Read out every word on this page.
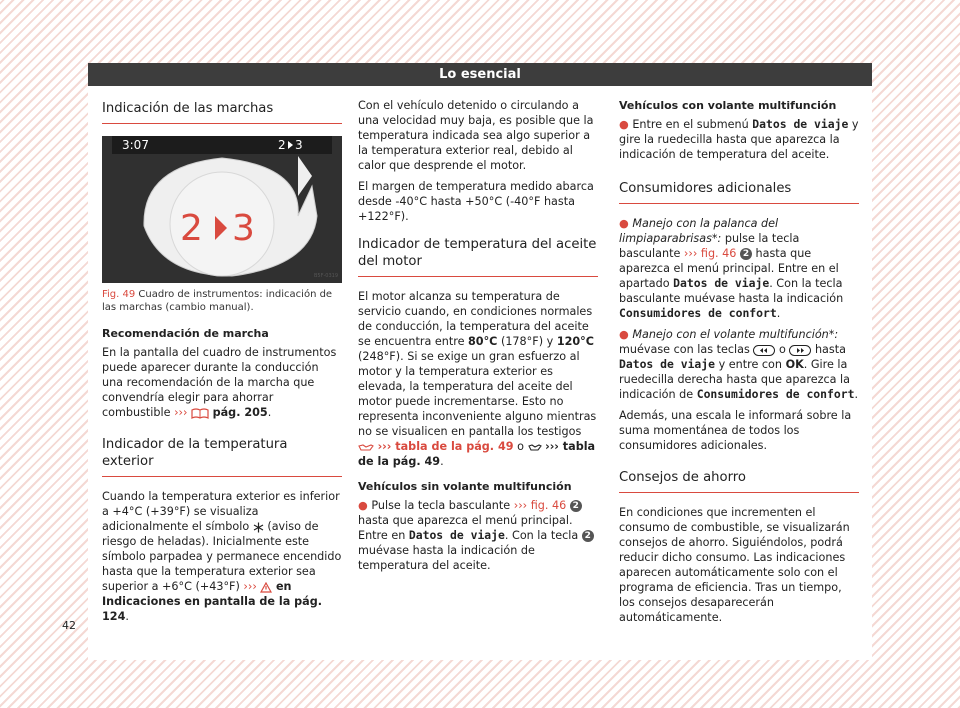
Lo esencial
Indicación de las marchas
B5F-0319
3:07	2 3
2 3
Fig. 49 Cuadro de instrumentos: indicación de las marchas (cambio manual).
Recomendación de marcha

En la pantalla del cuadro de instrumentos puede aparecer durante la conducción una recomendación de la marcha que convendría elegir para ahorrar combustible ››› pág. 205.

Indicador de la temperatura exterior

Cuando la temperatura exterior es inferior a +4°C (+39°F) se visualiza adicionalmente el símbolo (aviso de riesgo de heladas). Inicialmente este símbolo parpadea y permanece encendido hasta que la temperatura exterior sea superior a +6°C (+43°F) ››› en Indicaciones en pantalla de la pág. 124.

Con el vehículo detenido o circulando a una velocidad muy baja, es posible que la temperatura indicada sea algo superior a la temperatura exterior real, debido al calor que desprende el motor.

El margen de temperatura medido abarca desde -40°C hasta +50°C (-40°F hasta +122°F).

Indicador de temperatura del aceite del motor

El motor alcanza su temperatura de servicio cuando, en condiciones normales de conducción, la temperatura del aceite se encuentra entre 80°C (178°F) y 120°C (248°F). Si se exige un gran esfuerzo al motor y la temperatura exterior es elevada, la temperatura del aceite del motor puede incrementarse. Esto no representa inconveniente alguno mientras no se visualicen en pantalla los testigos  ››› tabla de la pág. 49 o ››› tabla de la pág. 49.

Vehículos sin volante multifunción

● Pulse la tecla basculante ››› fig. 46 2 hasta que aparezca el menú principal. Entre en Datos de viaje. Con la tecla 2 muévase hasta la indicación de temperatura del aceite.

Vehículos con volante multifunción

● Entre en el submenú Datos de viaje y gire la ruedecilla hasta que aparezca la indicación de temperatura del aceite.

Consumidores adicionales

● Manejo con la palanca del limpiaparabrisas*: pulse la tecla basculante ››› fig. 46 2 hasta que aparezca el menú principal. Entre en el apartado Datos de viaje. Con la tecla basculante muévase hasta la indicación Consumidores de confort.

● Manejo con el volante multifunción*: muévase con las teclas	o	hasta Datos de viaje y entre con OK. Gire la ruedecilla derecha hasta que aparezca la indicación de Consumidores de confort.

Además, una escala le informará sobre la suma momentánea de todos los consumidores adicionales.

Consejos de ahorro

En condiciones que incrementen el consumo de combustible, se visualizarán consejos de ahorro. Siguiéndolos, podrá reducir dicho consumo. Las indicaciones aparecen automáticamente solo con el programa de eficiencia. Tras un tiempo, los consejos desaparecerán automáticamente.

42
